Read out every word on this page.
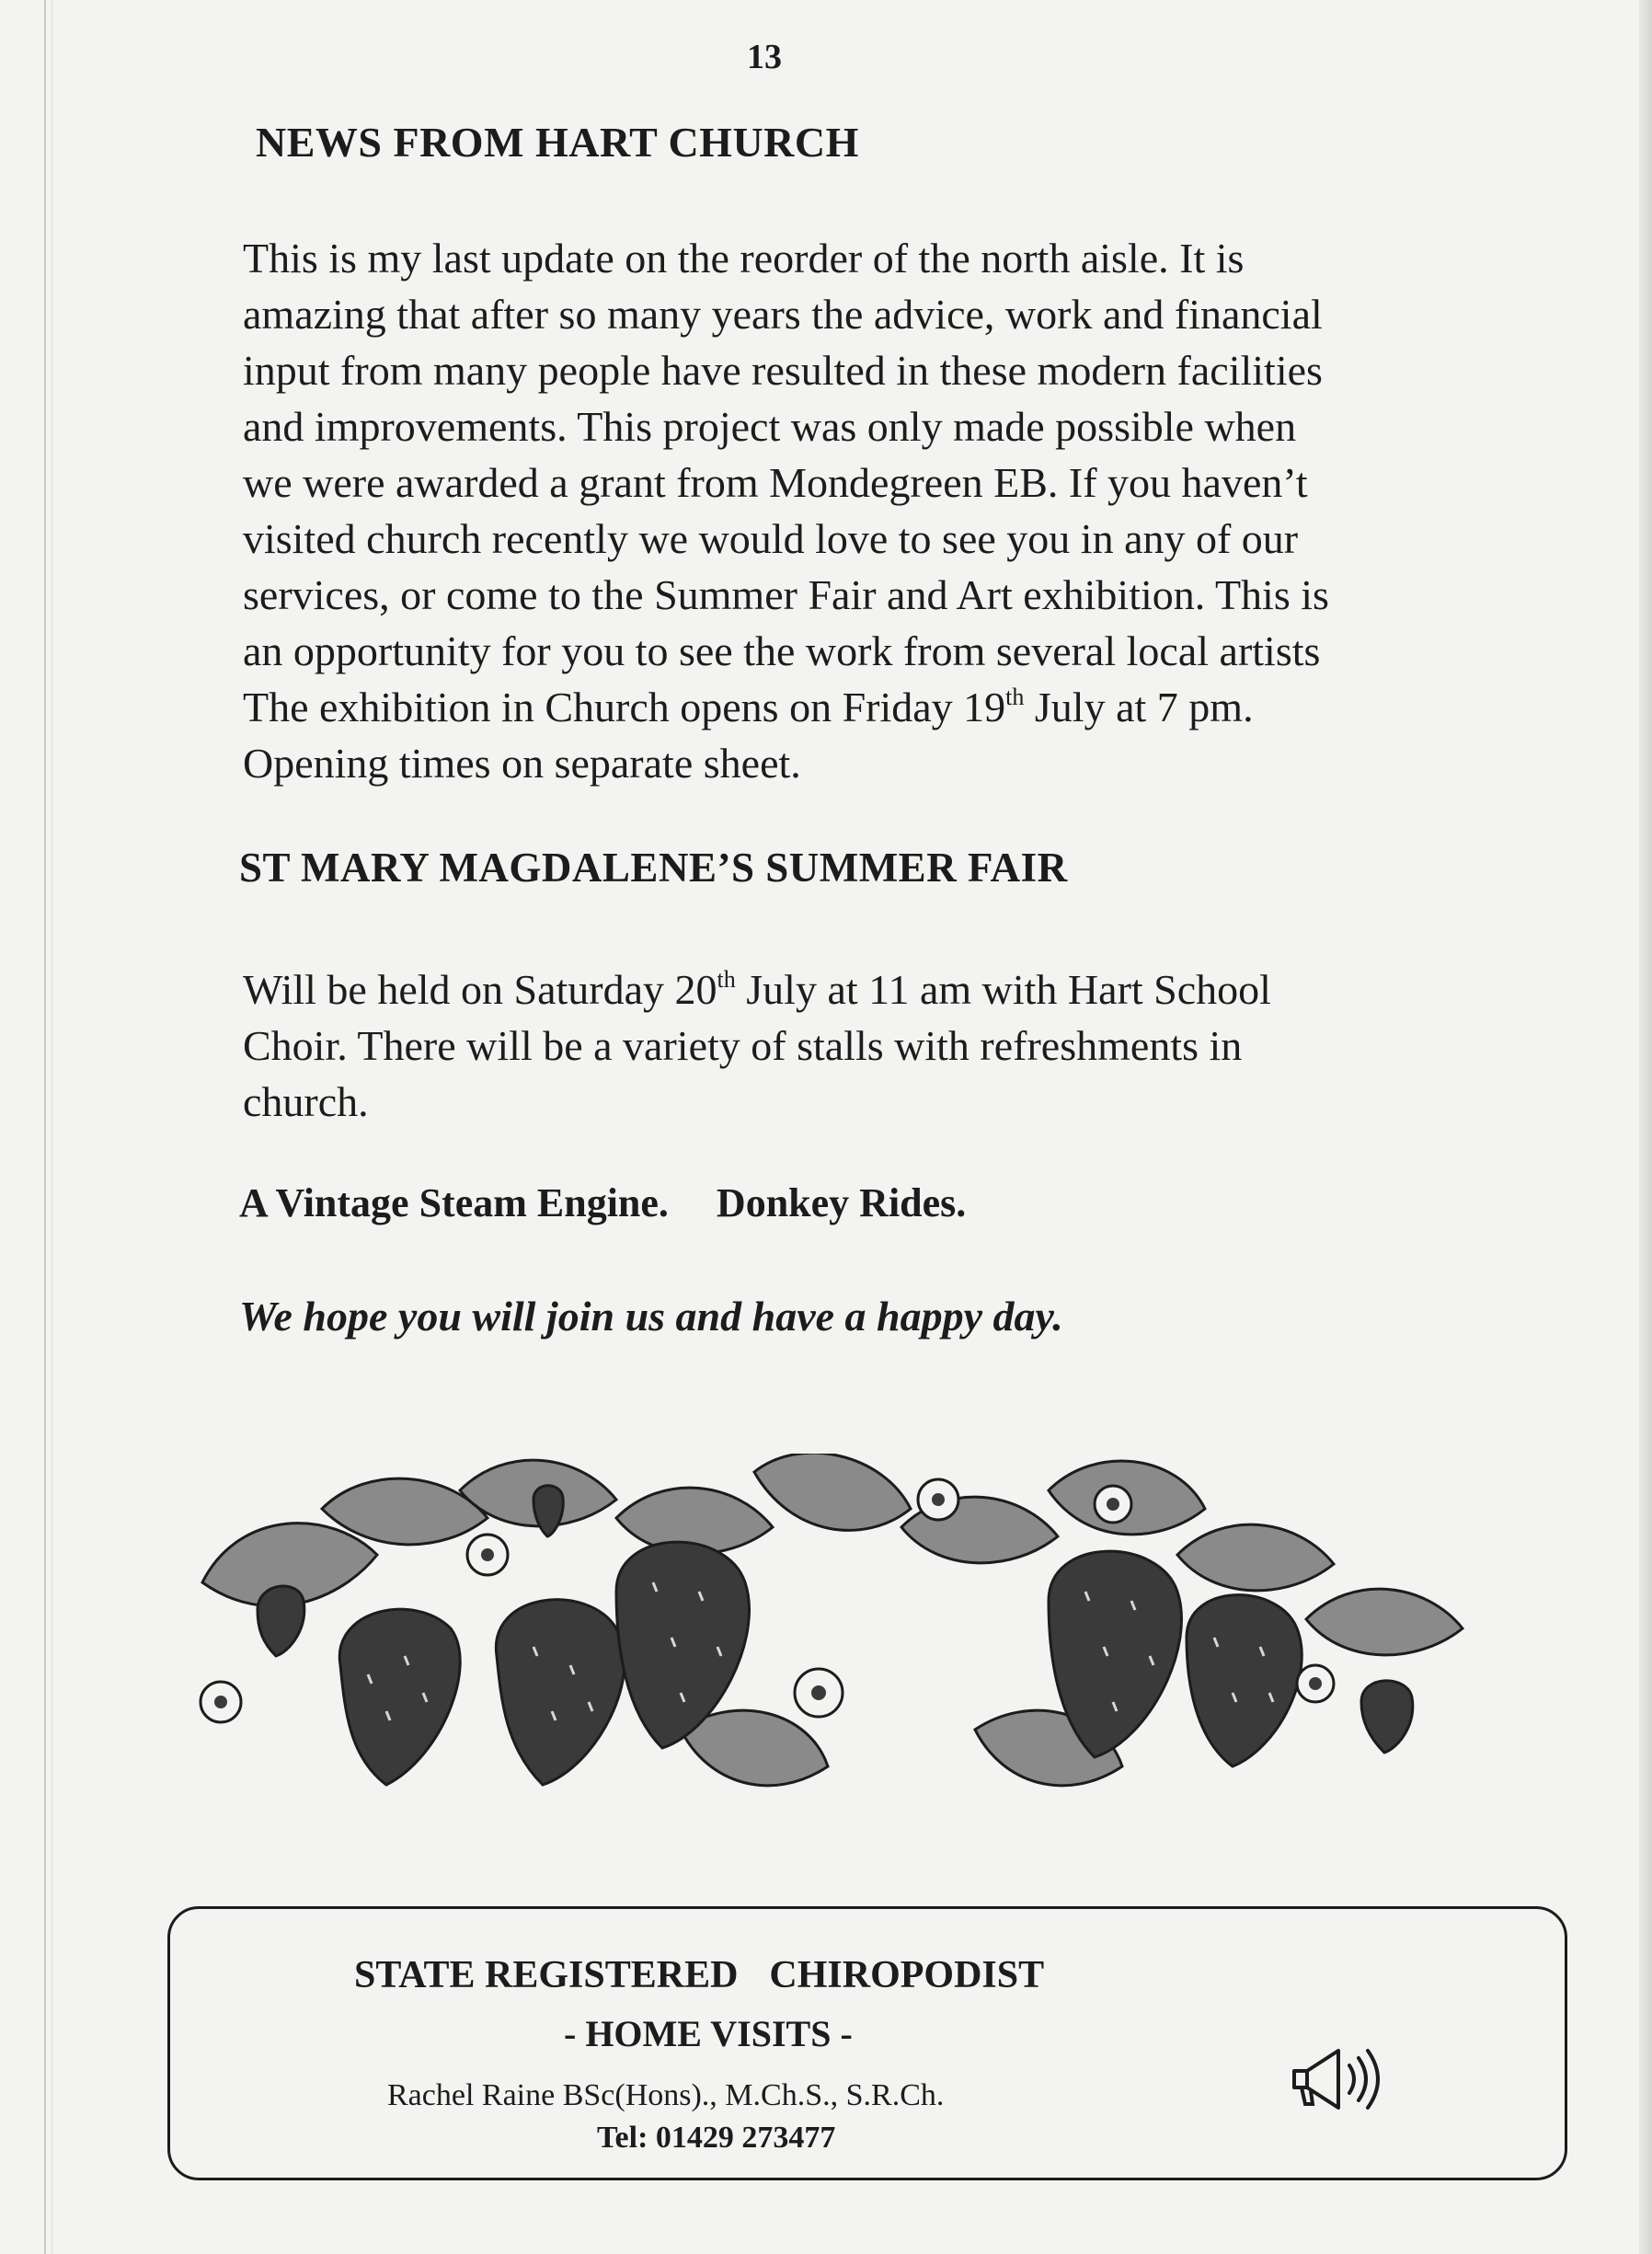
13
NEWS FROM HART CHURCH

This is my last update on the reorder of the north aisle. It is
amazing that after so many years the advice, work and financial
input from many people have resulted in these modern facilities
and improvements. This project was only made possible when
we were awarded a grant from Mondegreen EB. If you haven’t
visited church recently we would love to see you in any of our
services, or come to the Summer Fair and Art exhibition. This is
an opportunity for you to see the work from several local artists
The exhibition in Church opens on Friday 19th July at 7 pm.
Opening times on separate sheet.

ST MARY MAGDALENE’S SUMMER FAIR

Will be held on Saturday 20th July at 11 am with Hart School
Choir. There will be a variety of stalls with refreshments in
church.

A Vintage Steam Engine. Donkey Rides.
We hope you will join us and have a happy day.
STATE REGISTERED CHIROPODIST
- HOME VISITS -
Rachel Raine BSc(Hons)., M.Ch.S., S.R.Ch.
Tel: 01429 273477
